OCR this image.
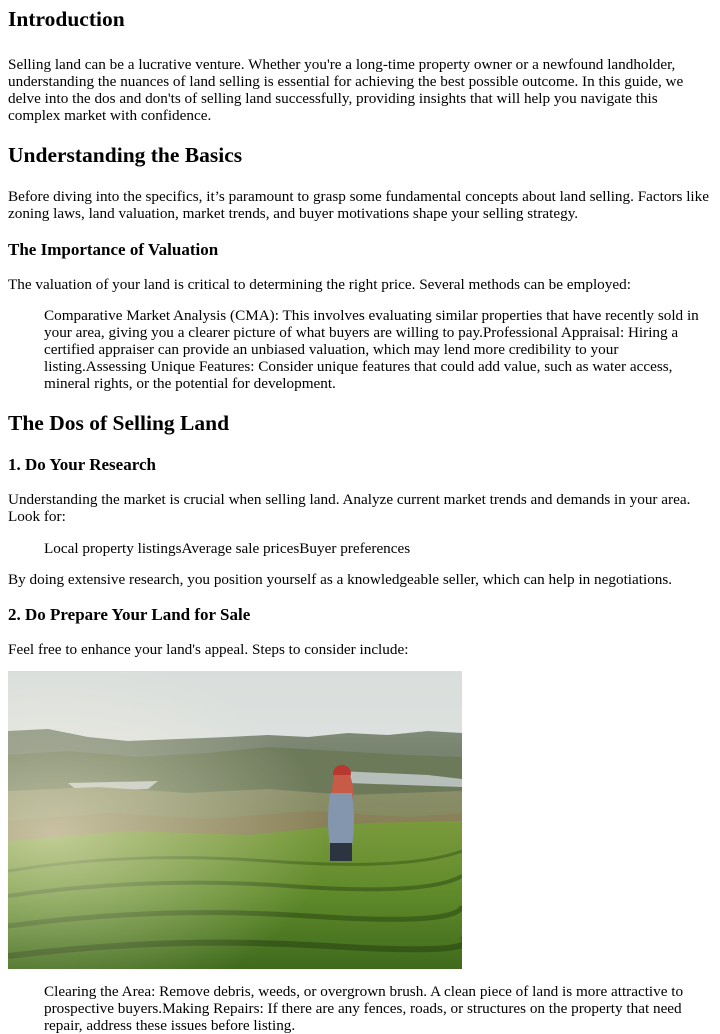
Introduction

Selling land can be a lucrative venture. Whether you're a long-time property owner or a newfound landholder, understanding the nuances of land selling is essential for achieving the best possible outcome. In this guide, we delve into the dos and don'ts of selling land successfully, providing insights that will help you navigate this complex market with confidence.

Understanding the Basics

Before diving into the specifics, it’s paramount to grasp some fundamental concepts about land selling. Factors like zoning laws, land valuation, market trends, and buyer motivations shape your selling strategy.

The Importance of Valuation

The valuation of your land is critical to determining the right price. Several methods can be employed:

Comparative Market Analysis (CMA): This involves evaluating similar properties that have recently sold in your area, giving you a clearer picture of what buyers are willing to pay.Professional Appraisal: Hiring a certified appraiser can provide an unbiased valuation, which may lend more credibility to your listing.Assessing Unique Features: Consider unique features that could add value, such as water access, mineral rights, or the potential for development.
The Dos of Selling Land
1. Do Your Research

Understanding the market is crucial when selling land. Analyze current market trends and demands in your area. Look for:

Local property listingsAverage sale pricesBuyer preferences

By doing extensive research, you position yourself as a knowledgeable seller, which can help in negotiations.

2. Do Prepare Your Land for Sale

Feel free to enhance your land's appeal. Steps to consider include:

Clearing the Area: Remove debris, weeds, or overgrown brush. A clean piece of land is more attractive to prospective buyers.Making Repairs: If there are any fences, roads, or structures on the property that need repair, address these issues before listing.
